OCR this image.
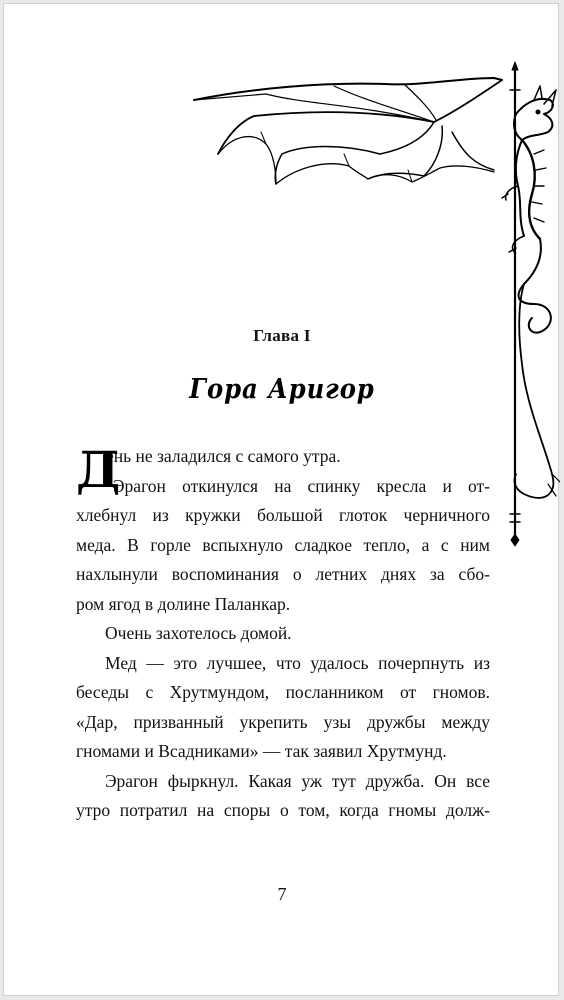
Глава I
Гора Аригор
Д
ень не заладился с самого утра.
Эрагон откинулся на спинку кресла и от-
хлебнул из кружки большой глоток черничного
меда. В горле вспыхнуло сладкое тепло, а с ним
нахлынули воспоминания о летних днях за сбо-
ром ягод в долине Паланкар.
Очень захотелось домой.
Мед — это лучшее, что удалось почерпнуть из
беседы с Хрутмундом, посланником от гномов.
«Дар, призванный укрепить узы дружбы между
гномами и Всадниками» — так заявил Хрутмунд.
Эрагон фыркнул. Какая уж тут дружба. Он все
утро потратил на споры о том, когда гномы долж-
7
